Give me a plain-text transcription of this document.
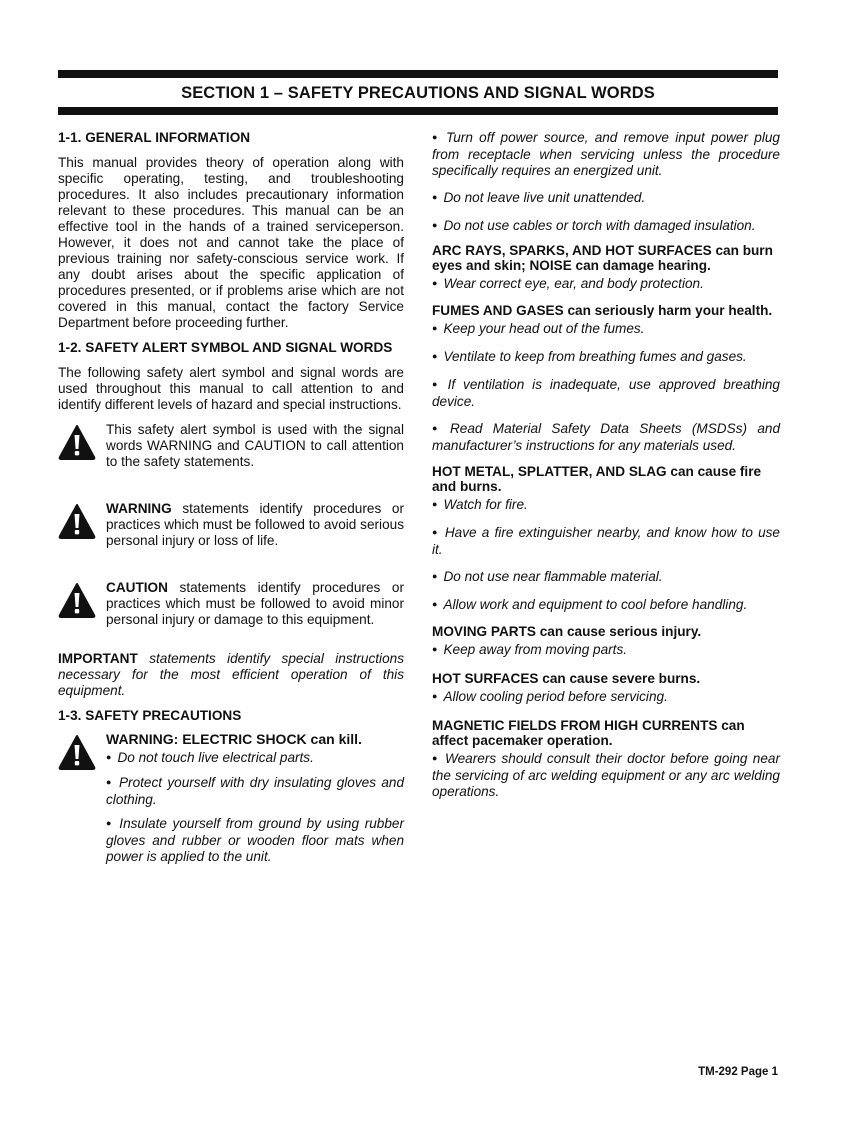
SECTION 1 – SAFETY PRECAUTIONS AND SIGNAL WORDS
1-1. GENERAL INFORMATION

This manual provides theory of operation along with specific operating, testing, and troubleshooting procedures. It also includes precautionary information relevant to these procedures. This manual can be an effective tool in the hands of a trained serviceperson. However, it does not and cannot take the place of previous training nor safety-conscious service work. If any doubt arises about the specific application of procedures presented, or if problems arise which are not covered in this manual, contact the factory Service Department before proceeding further.

1-2. SAFETY ALERT SYMBOL AND SIGNAL WORDS

The following safety alert symbol and signal words are used throughout this manual to call attention to and identify different levels of hazard and special instructions.

This safety alert symbol is used with the signal words WARNING and CAUTION to call attention to the safety statements.

WARNING statements identify procedures or practices which must be followed to avoid serious personal injury or loss of life.

CAUTION statements identify procedures or practices which must be followed to avoid minor personal injury or damage to this equipment.

IMPORTANT statements identify special instructions necessary for the most efficient operation of this equipment.

1-3. SAFETY PRECAUTIONS
WARNING: ELECTRIC SHOCK can kill.

● Do not touch live electrical parts.

● Protect yourself with dry insulating gloves and clothing.

● Insulate yourself from ground by using rubber gloves and rubber or wooden floor mats when power is applied to the unit.

● Turn off power source, and remove input power plug from receptacle when servicing unless the procedure specifically requires an energized unit.

● Do not leave live unit unattended.

● Do not use cables or torch with damaged insulation.

ARC RAYS, SPARKS, AND HOT SURFACES can burn eyes and skin; NOISE can damage hearing.

● Wear correct eye, ear, and body protection.

FUMES AND GASES can seriously harm your health.

● Keep your head out of the fumes.

● Ventilate to keep from breathing fumes and gases.

● If ventilation is inadequate, use approved breathing device.

● Read Material Safety Data Sheets (MSDSs) and manufacturer’s instructions for any materials used.

HOT METAL, SPLATTER, AND SLAG can cause fire and burns.

● Watch for fire.

● Have a fire extinguisher nearby, and know how to use it.

● Do not use near flammable material.

● Allow work and equipment to cool before handling.

MOVING PARTS can cause serious injury.

● Keep away from moving parts.

HOT SURFACES can cause severe burns.

● Allow cooling period before servicing.

MAGNETIC FIELDS FROM HIGH CURRENTS can affect pacemaker operation.

● Wearers should consult their doctor before going near the servicing of arc welding equipment or any arc welding operations.

TM-292 Page 1
